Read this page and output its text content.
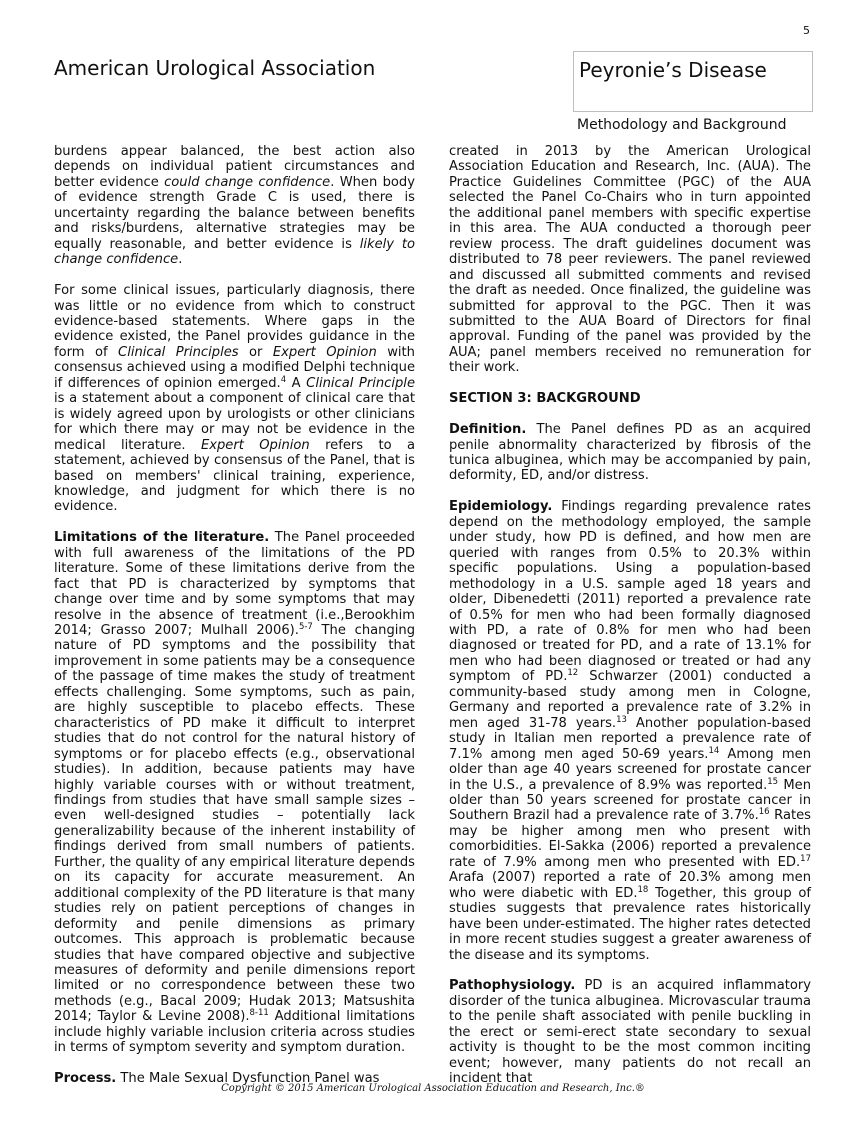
5
American Urological Association	Peyronie’s Disease
Methodology and Background

burdens appear balanced, the best action also depends on individual patient circumstances and better evidence could change confidence. When body of evidence strength Grade C is used, there is uncertainty regarding the balance between benefits and risks/burdens, alternative strategies may be equally reasonable, and better evidence is likely to change confidence.

For some clinical issues, particularly diagnosis, there was little or no evidence from which to construct evidence-based statements. Where gaps in the evidence existed, the Panel provides guidance in the form of Clinical Principles or Expert Opinion with consensus achieved using a modified Delphi technique if differences of opinion emerged.$^4$ A Clinical Principle is a statement about a component of clinical care that is widely agreed upon by urologists or other clinicians for which there may or may not be evidence in the medical literature. Expert Opinion refers to a statement, achieved by consensus of the Panel, that is based on members' clinical training, experience, knowledge, and judgment for which there is no evidence.

Limitations of the literature. The Panel proceeded with full awareness of the limitations of the PD literature. Some of these limitations derive from the fact that PD is characterized by symptoms that change over time and by some symptoms that may resolve in the absence of treatment (i.e.,Berookhim 2014; Grasso 2007; Mulhall 2006).$^{5-7}$ The changing nature of PD symptoms and the possibility that improvement in some patients may be a consequence of the passage of time makes the study of treatment effects challenging. Some symptoms, such as pain, are highly susceptible to placebo effects. These characteristics of PD make it difficult to interpret studies that do not control for the natural history of symptoms or for placebo effects (e.g., observational studies). In addition, because patients may have highly variable courses with or without treatment, findings from studies that have small sample sizes – even well-designed studies – potentially lack generalizability because of the inherent instability of findings derived from small numbers of patients. Further, the quality of any empirical literature depends on its capacity for accurate measurement. An additional complexity of the PD literature is that many studies rely on patient perceptions of changes in deformity and penile dimensions as primary outcomes. This approach is problematic because studies that have compared objective and subjective measures of deformity and penile dimensions report limited or no correspondence between these two methods (e.g., Bacal 2009; Hudak 2013; Matsushita 2014; Taylor & Levine 2008).$^{8-11}$ Additional limitations include highly variable inclusion criteria across studies in terms of symptom severity and symptom duration.

Process. The Male Sexual Dysfunction Panel was

created in 2013 by the American Urological Association Education and Research, Inc. (AUA). The Practice Guidelines Committee (PGC) of the AUA selected the Panel Co-Chairs who in turn appointed the additional panel members with specific expertise in this area. The AUA conducted a thorough peer review process. The draft guidelines document was distributed to 78 peer reviewers. The panel reviewed and discussed all submitted comments and revised the draft as needed. Once finalized, the guideline was submitted for approval to the PGC. Then it was submitted to the AUA Board of Directors for final approval. Funding of the panel was provided by the AUA; panel members received no remuneration for their work.

SECTION 3: BACKGROUND

Definition. The Panel defines PD as an acquired penile abnormality characterized by fibrosis of the tunica albuginea, which may be accompanied by pain, deformity, ED, and/or distress.

Epidemiology. Findings regarding prevalence rates depend on the methodology employed, the sample under study, how PD is defined, and how men are queried with ranges from 0.5% to 20.3% within specific populations. Using a population-based methodology in a U.S. sample aged 18 years and older, Dibenedetti (2011) reported a prevalence rate of 0.5% for men who had been formally diagnosed with PD, a rate of 0.8% for men who had been diagnosed or treated for PD, and a rate of 13.1% for men who had been diagnosed or treated or had any symptom of PD.$^{12}$ Schwarzer (2001) conducted a community-based study among men in Cologne, Germany and reported a prevalence rate of 3.2% in men aged 31-78 years.$^{13}$ Another population-based study in Italian men reported a prevalence rate of 7.1% among men aged 50-69 years.$^{14}$ Among men older than age 40 years screened for prostate cancer in the U.S., a prevalence of 8.9% was reported.$^{15}$ Men older than 50 years screened for prostate cancer in Southern Brazil had a prevalence rate of 3.7%.$^{16}$ Rates may be higher among men who present with comorbidities. El-Sakka (2006) reported a prevalence rate of 7.9% among men who presented with ED.$^{17}$ Arafa (2007) reported a rate of 20.3% among men who were diabetic with ED.$^{18}$ Together, this group of studies suggests that prevalence rates historically have been under-estimated. The higher rates detected in more recent studies suggest a greater awareness of the disease and its symptoms.

Pathophysiology. PD is an acquired inflammatory disorder of the tunica albuginea. Microvascular trauma to the penile shaft associated with penile buckling in the erect or semi-erect state secondary to sexual activity is thought to be the most common inciting event; however, many patients do not recall an incident that

Copyright © 2015 American Urological Association Education and Research, Inc.®
